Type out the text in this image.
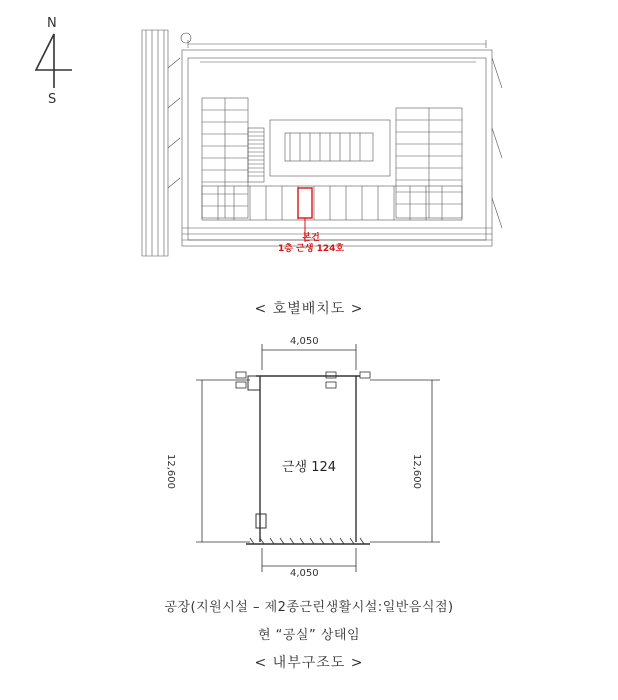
N
S
본건
1층 근생 124호
< 호별배치도 >
4,050
4,050
12,600	12,600
근생 124
공장(지원시설 – 제2종근린생활시설:일반음식점)
현 “공실” 상태임
< 내부구조도 >
